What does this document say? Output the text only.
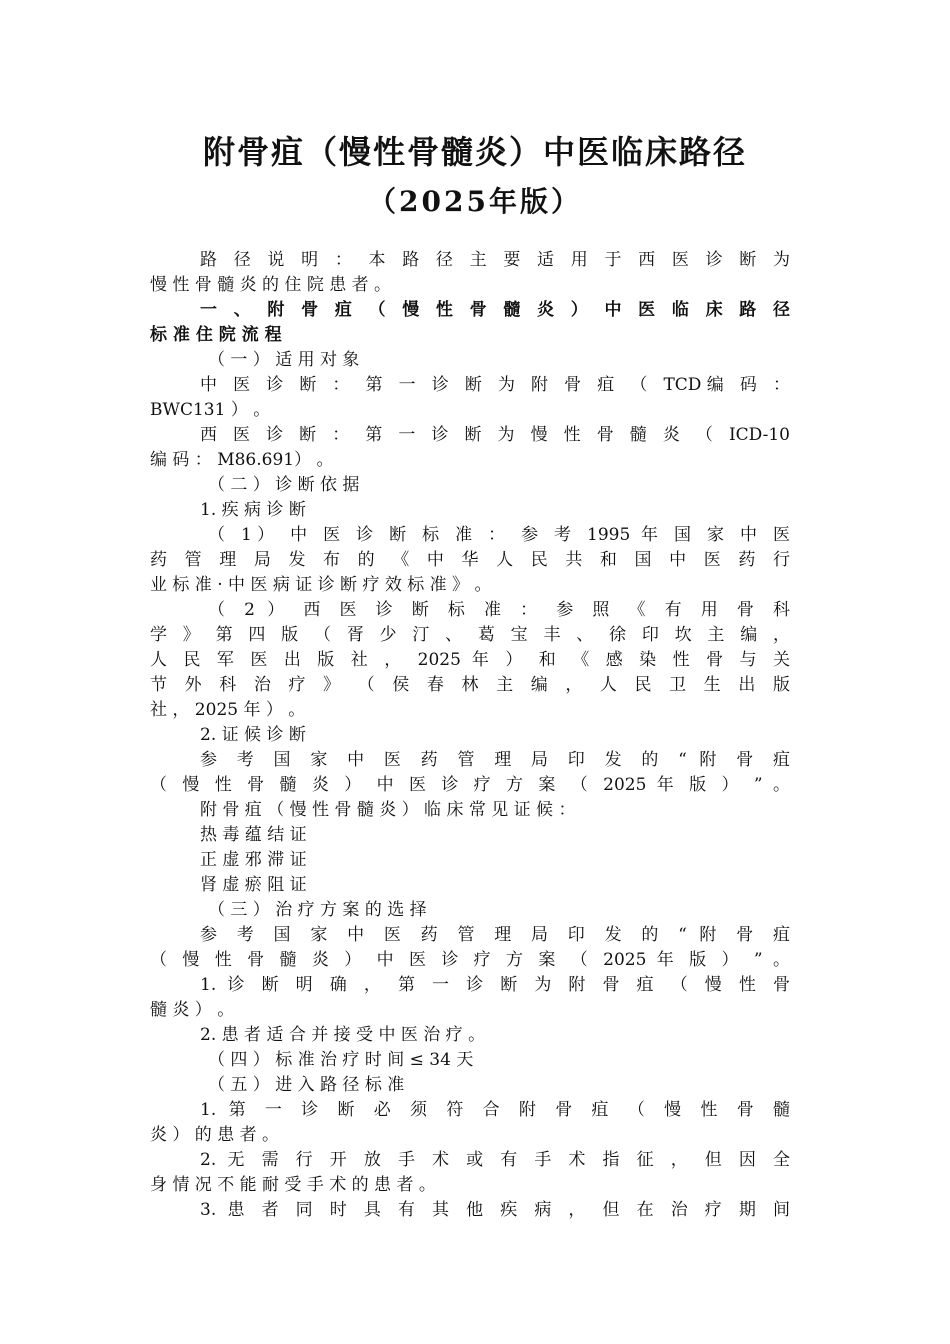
附骨疽（慢性骨髓炎）中医临床路径
（2025年版）
路 径 说 明 ： 本 路 径 主 要 适 用 于 西 医 诊 断 为
慢 性 骨 髓 炎 的 住 院 患 者 。
一 、 附 骨 疽 （ 慢 性 骨 髓 炎 ） 中 医 临 床 路 径
标 准 住 院 流 程
（ 一 ） 适 用 对 象
中 医 诊 断 ： 第 一 诊 断 为 附 骨 疽 （ TCD编 码 ：
BWC131 ） 。
西 医 诊 断 ： 第 一 诊 断 为 慢 性 骨 髓 炎 （ ICD-10
编 码 ： M86.691） 。
（ 二 ） 诊 断 依 据
1. 疾 病 诊 断
（ 1） 中 医 诊 断 标 准 ： 参 考 1995 年 国 家 中 医
药 管 理 局 发 布 的 《 中 华 人 民 共 和 国 中 医 药 行
业 标 准 · 中 医 病 证 诊 断 疗 效 标 准 》 。
（ 2 ） 西 医 诊 断 标 准 ： 参 照 《 有 用 骨 科
学 》 第 四 版 （ 胥 少 汀 、 葛 宝 丰 、 徐 印 坎 主 编 ，
人 民 军 医 出 版 社 ， 2025 年 ） 和 《 感 染 性 骨 与 关
节 外 科 治 疗 》 （ 侯 春 林 主 编 ， 人 民 卫 生 出 版
社 ， 2025 年 ） 。
2. 证 候 诊 断
参 考 国 家 中 医 药 管 理 局 印 发 的 “ 附 骨 疽
（ 慢 性 骨 髓 炎 ） 中 医 诊 疗 方 案 （ 2025 年 版 ） ” 。
附 骨 疽 （ 慢 性 骨 髓 炎 ） 临 床 常 见 证 候 ：
热 毒 蕴 结 证
正 虚 邪 滞 证
肾 虚 瘀 阻 证
（ 三 ） 治 疗 方 案 的 选 择
参 考 国 家 中 医 药 管 理 局 印 发 的 “ 附 骨 疽
（ 慢 性 骨 髓 炎 ） 中 医 诊 疗 方 案 （ 2025 年 版 ） ” 。
1. 诊 断 明 确 ， 第 一 诊 断 为 附 骨 疽 （ 慢 性 骨
髓 炎 ） 。
2. 患 者 适 合 并 接 受 中 医 治 疗 。
（ 四 ） 标 准 治 疗 时 间 ≤ 34 天
（ 五 ） 进 入 路 径 标 准
1. 第 一 诊 断 必 须 符 合 附 骨 疽 （ 慢 性 骨 髓
炎 ） 的 患 者 。
2. 无 需 行 开 放 手 术 或 有 手 术 指 征 ， 但 因 全
身 情 况 不 能 耐 受 手 术 的 患 者 。
3. 患 者 同 时 具 有 其 他 疾 病 ， 但 在 治 疗 期 间
